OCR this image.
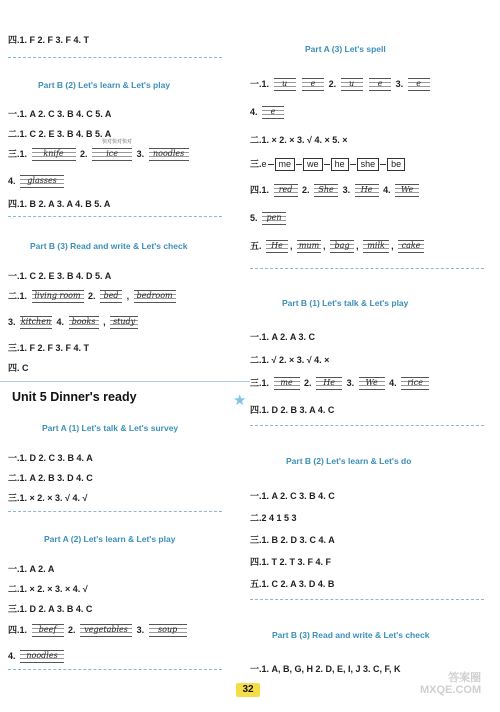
四.1. F 2. F 3. F 4. T
Part B (2) Let's learn & Let's play
一.1. A 2. C 3. B 4. C 5. A
二.1. C 2. E 3. B 4. B 5. A
快对快对快对
三.1.	knife	2.	ice	3.	noodles
4.	glasses
四.1. B 2. A 3. A 4. B 5. A
Part B (3) Read and write & Let's check
一.1. C 2. E 3. B 4. D 5. A
二.1. living room 2.	bed , bedroom
3. kitchen 4. books , study
三.1. F 2. F 3. F 4. T
四. C
Unit 5 Dinner's ready	★
Part A (1) Let's talk & Let's survey
一.1. D 2. C 3. B 4. A
二.1. A 2. B 3. D 4. C
三.1. × 2. × 3. √ 4. √
Part A (2) Let's learn & Let's play
一.1. A 2. A
二.1. × 2. × 3. × 4. √
三.1. D 2. A 3. B 4. C
四.1.	beef	2.	vegetables 3.	soup
4.	noodles
Part A (3) Let's spell
一.1.	u
	e	2.	u
	e	3.	e
4.	e
二.1. × 2. × 3. √ 4. × 5. ×
三.e me we he she be
四.1.	red	2.	She 3.	He	4.	We
5.	pen
五.	He , mum , bag , milk , cake
Part B (1) Let's talk & Let's play
一.1. A 2. A 3. C
二.1. √ 2. × 3. √ 4. ×
三.1.	me	2.	He	3.	We	4.	rice
四.1. D 2. B 3. A 4. C
Part B (2) Let's learn & Let's do
一.1. A 2. C 3. B 4. C
二.2 4 1 5 3
三.1. B 2. D 3. C 4. A
四.1. T 2. T 3. F 4. F
五.1. C 2. A 3. D 4. B
Part B (3) Read and write & Let's check
一.1. A, B, G, H 2. D, E, I, J 3. C, F, K
32
答案圈
MXQE.COM
